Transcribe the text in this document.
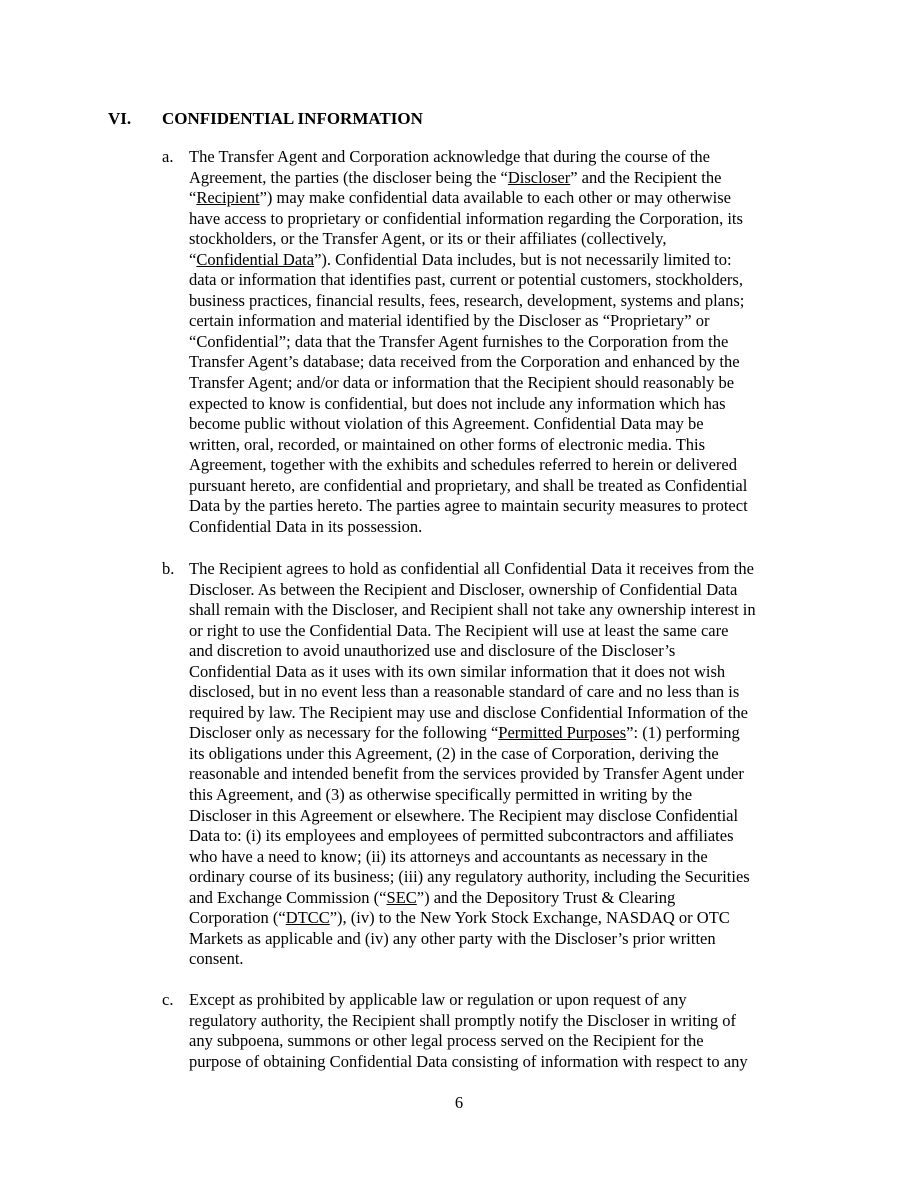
VI. CONFIDENTIAL INFORMATION
a. The Transfer Agent and Corporation acknowledge that during the course of the
Agreement, the parties (the discloser being the “Discloser” and the Recipient the
“Recipient”) may make confidential data available to each other or may otherwise
have access to proprietary or confidential information regarding the Corporation, its
stockholders, or the Transfer Agent, or its or their affiliates (collectively,
“Confidential Data”). Confidential Data includes, but is not necessarily limited to:
data or information that identifies past, current or potential customers, stockholders,
business practices, financial results, fees, research, development, systems and plans;
certain information and material identified by the Discloser as “Proprietary” or
“Confidential”; data that the Transfer Agent furnishes to the Corporation from the
Transfer Agent’s database; data received from the Corporation and enhanced by the
Transfer Agent; and/or data or information that the Recipient should reasonably be
expected to know is confidential, but does not include any information which has
become public without violation of this Agreement. Confidential Data may be
written, oral, recorded, or maintained on other forms of electronic media. This
Agreement, together with the exhibits and schedules referred to herein or delivered
pursuant hereto, are confidential and proprietary, and shall be treated as Confidential
Data by the parties hereto. The parties agree to maintain security measures to protect
Confidential Data in its possession.
b. The Recipient agrees to hold as confidential all Confidential Data it receives from the
Discloser. As between the Recipient and Discloser, ownership of Confidential Data
shall remain with the Discloser, and Recipient shall not take any ownership interest in
or right to use the Confidential Data. The Recipient will use at least the same care
and discretion to avoid unauthorized use and disclosure of the Discloser’s
Confidential Data as it uses with its own similar information that it does not wish
disclosed, but in no event less than a reasonable standard of care and no less than is
required by law. The Recipient may use and disclose Confidential Information of the
Discloser only as necessary for the following “Permitted Purposes”: (1) performing
its obligations under this Agreement, (2) in the case of Corporation, deriving the
reasonable and intended benefit from the services provided by Transfer Agent under
this Agreement, and (3) as otherwise specifically permitted in writing by the
Discloser in this Agreement or elsewhere. The Recipient may disclose Confidential
Data to: (i) its employees and employees of permitted subcontractors and affiliates
who have a need to know; (ii) its attorneys and accountants as necessary in the
ordinary course of its business; (iii) any regulatory authority, including the Securities
and Exchange Commission (“SEC”) and the Depository Trust & Clearing
Corporation (“DTCC”), (iv) to the New York Stock Exchange, NASDAQ or OTC
Markets as applicable and (iv) any other party with the Discloser’s prior written
consent.
c. Except as prohibited by applicable law or regulation or upon request of any
regulatory authority, the Recipient shall promptly notify the Discloser in writing of
any subpoena, summons or other legal process served on the Recipient for the
purpose of obtaining Confidential Data consisting of information with respect to any
6
